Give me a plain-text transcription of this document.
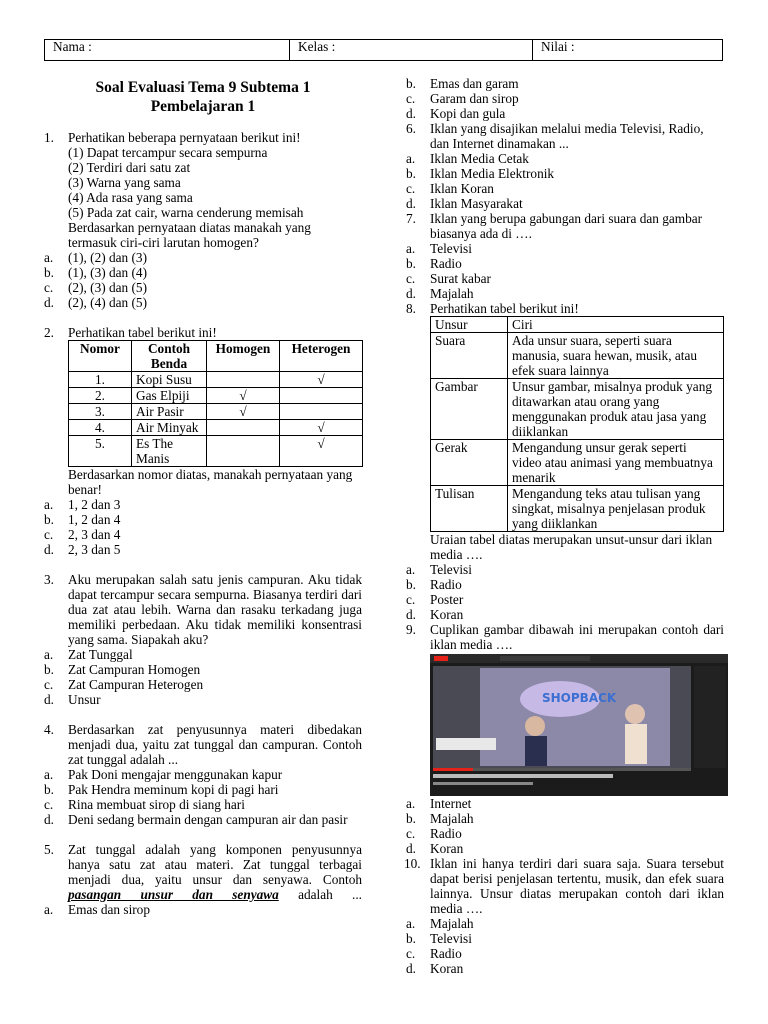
Nama :	Kelas :	Nilai :
Soal Evaluasi Tema 9 Subtema 1
Pembelajaran 1
1. Perhatikan beberapa pernyataan berikut ini!
(1) Dapat tercampur secara sempurna
(2) Terdiri dari satu zat
(3) Warna yang sama
(4) Ada rasa yang sama
(5) Pada zat cair, warna cenderung memisah
Berdasarkan pernyataan diatas manakah yang termasuk ciri-ciri larutan homogen?
a. (1), (2) dan (3)
b. (1), (3) dan (4)
c. (2), (3) dan (5)
d. (2), (4) dan (5)
2. Perhatikan tabel berikut ini!
Nomor	Contoh Benda	Homogen	Heterogen
1.	Kopi Susu		√
2.	Gas Elpiji	√	
3.	Air Pasir	√	
4.	Air Minyak		√
5.	Es The Manis		√
Berdasarkan nomor diatas, manakah pernyataan yang benar!
a. 1, 2 dan 3
b. 1, 2 dan 4
c. 2, 3 dan 4
d. 2, 3 dan 5
3. Aku merupakan salah satu jenis campuran. Aku tidak dapat tercampur secara sempurna. Biasanya terdiri dari dua zat atau lebih. Warna dan rasaku terkadang juga memiliki perbedaan. Aku tidak memiliki konsentrasi yang sama. Siapakah aku?
a. Zat Tunggal
b. Zat Campuran Homogen
c. Zat Campuran Heterogen
d. Unsur
4. Berdasarkan zat penyusunnya materi dibedakan menjadi dua, yaitu zat tunggal dan campuran. Contoh zat tunggal adalah ...
a. Pak Doni mengajar menggunakan kapur
b. Pak Hendra meminum kopi di pagi hari
c. Rina membuat sirop di siang hari
d. Deni sedang bermain dengan campuran air dan pasir
5. Zat tunggal adalah yang komponen penyusunnya hanya satu zat atau materi. Zat tunggal terbagai menjadi dua, yaitu unsur dan senyawa. Contoh pasangan unsur dan senyawa adalah ...
a. Emas dan sirop
b. Emas dan garam
c. Garam dan sirop
d. Kopi dan gula
6. Iklan yang disajikan melalui media Televisi, Radio, dan Internet dinamakan ...
a. Iklan Media Cetak
b. Iklan Media Elektronik
c. Iklan Koran
d. Iklan Masyarakat
7. Iklan yang berupa gabungan dari suara dan gambar biasanya ada di ….
a. Televisi
b. Radio
c. Surat kabar
d. Majalah
8. Perhatikan tabel berikut ini!
Unsur	Ciri
Suara	Ada unsur suara, seperti suara manusia, suara hewan, musik, atau efek suara lainnya
Gambar	Unsur gambar, misalnya produk yang ditawarkan atau orang yang menggunakan produk atau jasa yang diiklankan
Gerak	Mengandung unsur gerak seperti video atau animasi yang membuatnya menarik
Tulisan	Mengandung teks atau tulisan yang singkat, misalnya penjelasan produk yang diiklankan
Uraian tabel diatas merupakan unsut-unsur dari iklan media ….
a. Televisi
b. Radio
c. Poster
d. Koran
9. Cuplikan gambar dibawah ini merupakan contoh dari iklan media ….
SHOPBACK
a. Internet
b. Majalah
c. Radio
d. Koran
10. Iklan ini hanya terdiri dari suara saja. Suara tersebut dapat berisi penjelasan tertentu, musik, dan efek suara lainnya. Unsur diatas merupakan contoh dari iklan media ….
a. Majalah
b. Televisi
c. Radio
d. Koran
